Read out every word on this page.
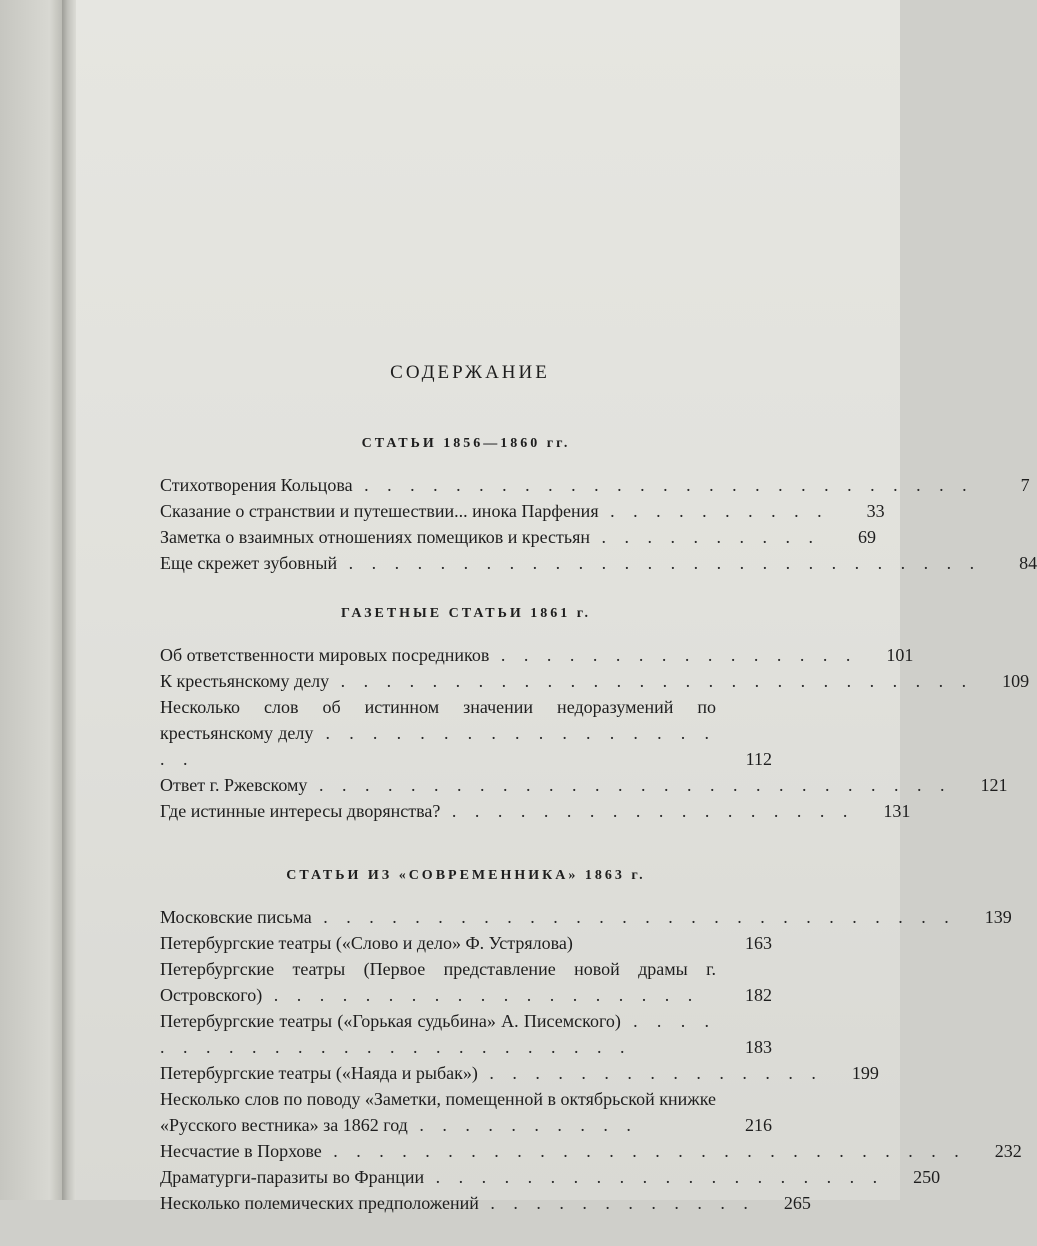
СОДЕРЖАНИЕ
СТАТЬИ 1856—1860 гг.
Стихотворения Кольцова . . . . . . . . . . . . . . . . . . . . . . . . . . .	7
Сказание о странствии и путешествии... инока Парфения . . . . . . . . . .	33
Заметка о взаимных отношениях помещиков и крестьян . . . . . . . . . .	69
Еще скрежет зубовный . . . . . . . . . . . . . . . . . . . . . . . . . . . .	84
ГАЗЕТНЫЕ СТАТЬИ 1861 г.
Об ответственности мировых посредников . . . . . . . . . . . . . . . .	101
К крестьянскому делу . . . . . . . . . . . . . . . . . . . . . . . . . . . .	109
Несколько слов об истинном значении недоразумений по крестьянскому делу . . . . . . . . . . . . . . . . . . .	112
Ответ г. Ржевскому . . . . . . . . . . . . . . . . . . . . . . . . . . . .	121
Где истинные интересы дворянства? . . . . . . . . . . . . . . . . . .	131
СТАТЬИ ИЗ «СОВРЕМЕННИКА» 1863 г.
Московские письма . . . . . . . . . . . . . . . . . . . . . . . . . . . .	139
Петербургские театры («Слово и дело» Ф. Устрялова)	163
Петербургские театры (Первое представление новой драмы г. Островского) . . . . . . . . . . . . . . . . . . .	182
Петербургские театры («Горькая судьбина» А. Писемского) . . . . . . . . . . . . . . . . . . . . . . . . .	183
Петербургские театры («Наяда и рыбак») . . . . . . . . . . . . . . .	199
Несколько слов по поводу «Заметки, помещенной в октябрьской книжке «Русского вестника» за 1862 год . . . . . . . . . .	216
Несчастие в Порхове . . . . . . . . . . . . . . . . . . . . . . . . . . . .	232
Драматурги-паразиты во Франции . . . . . . . . . . . . . . . . . . . .	250
Несколько полемических предположений . . . . . . . . . . . .	265
